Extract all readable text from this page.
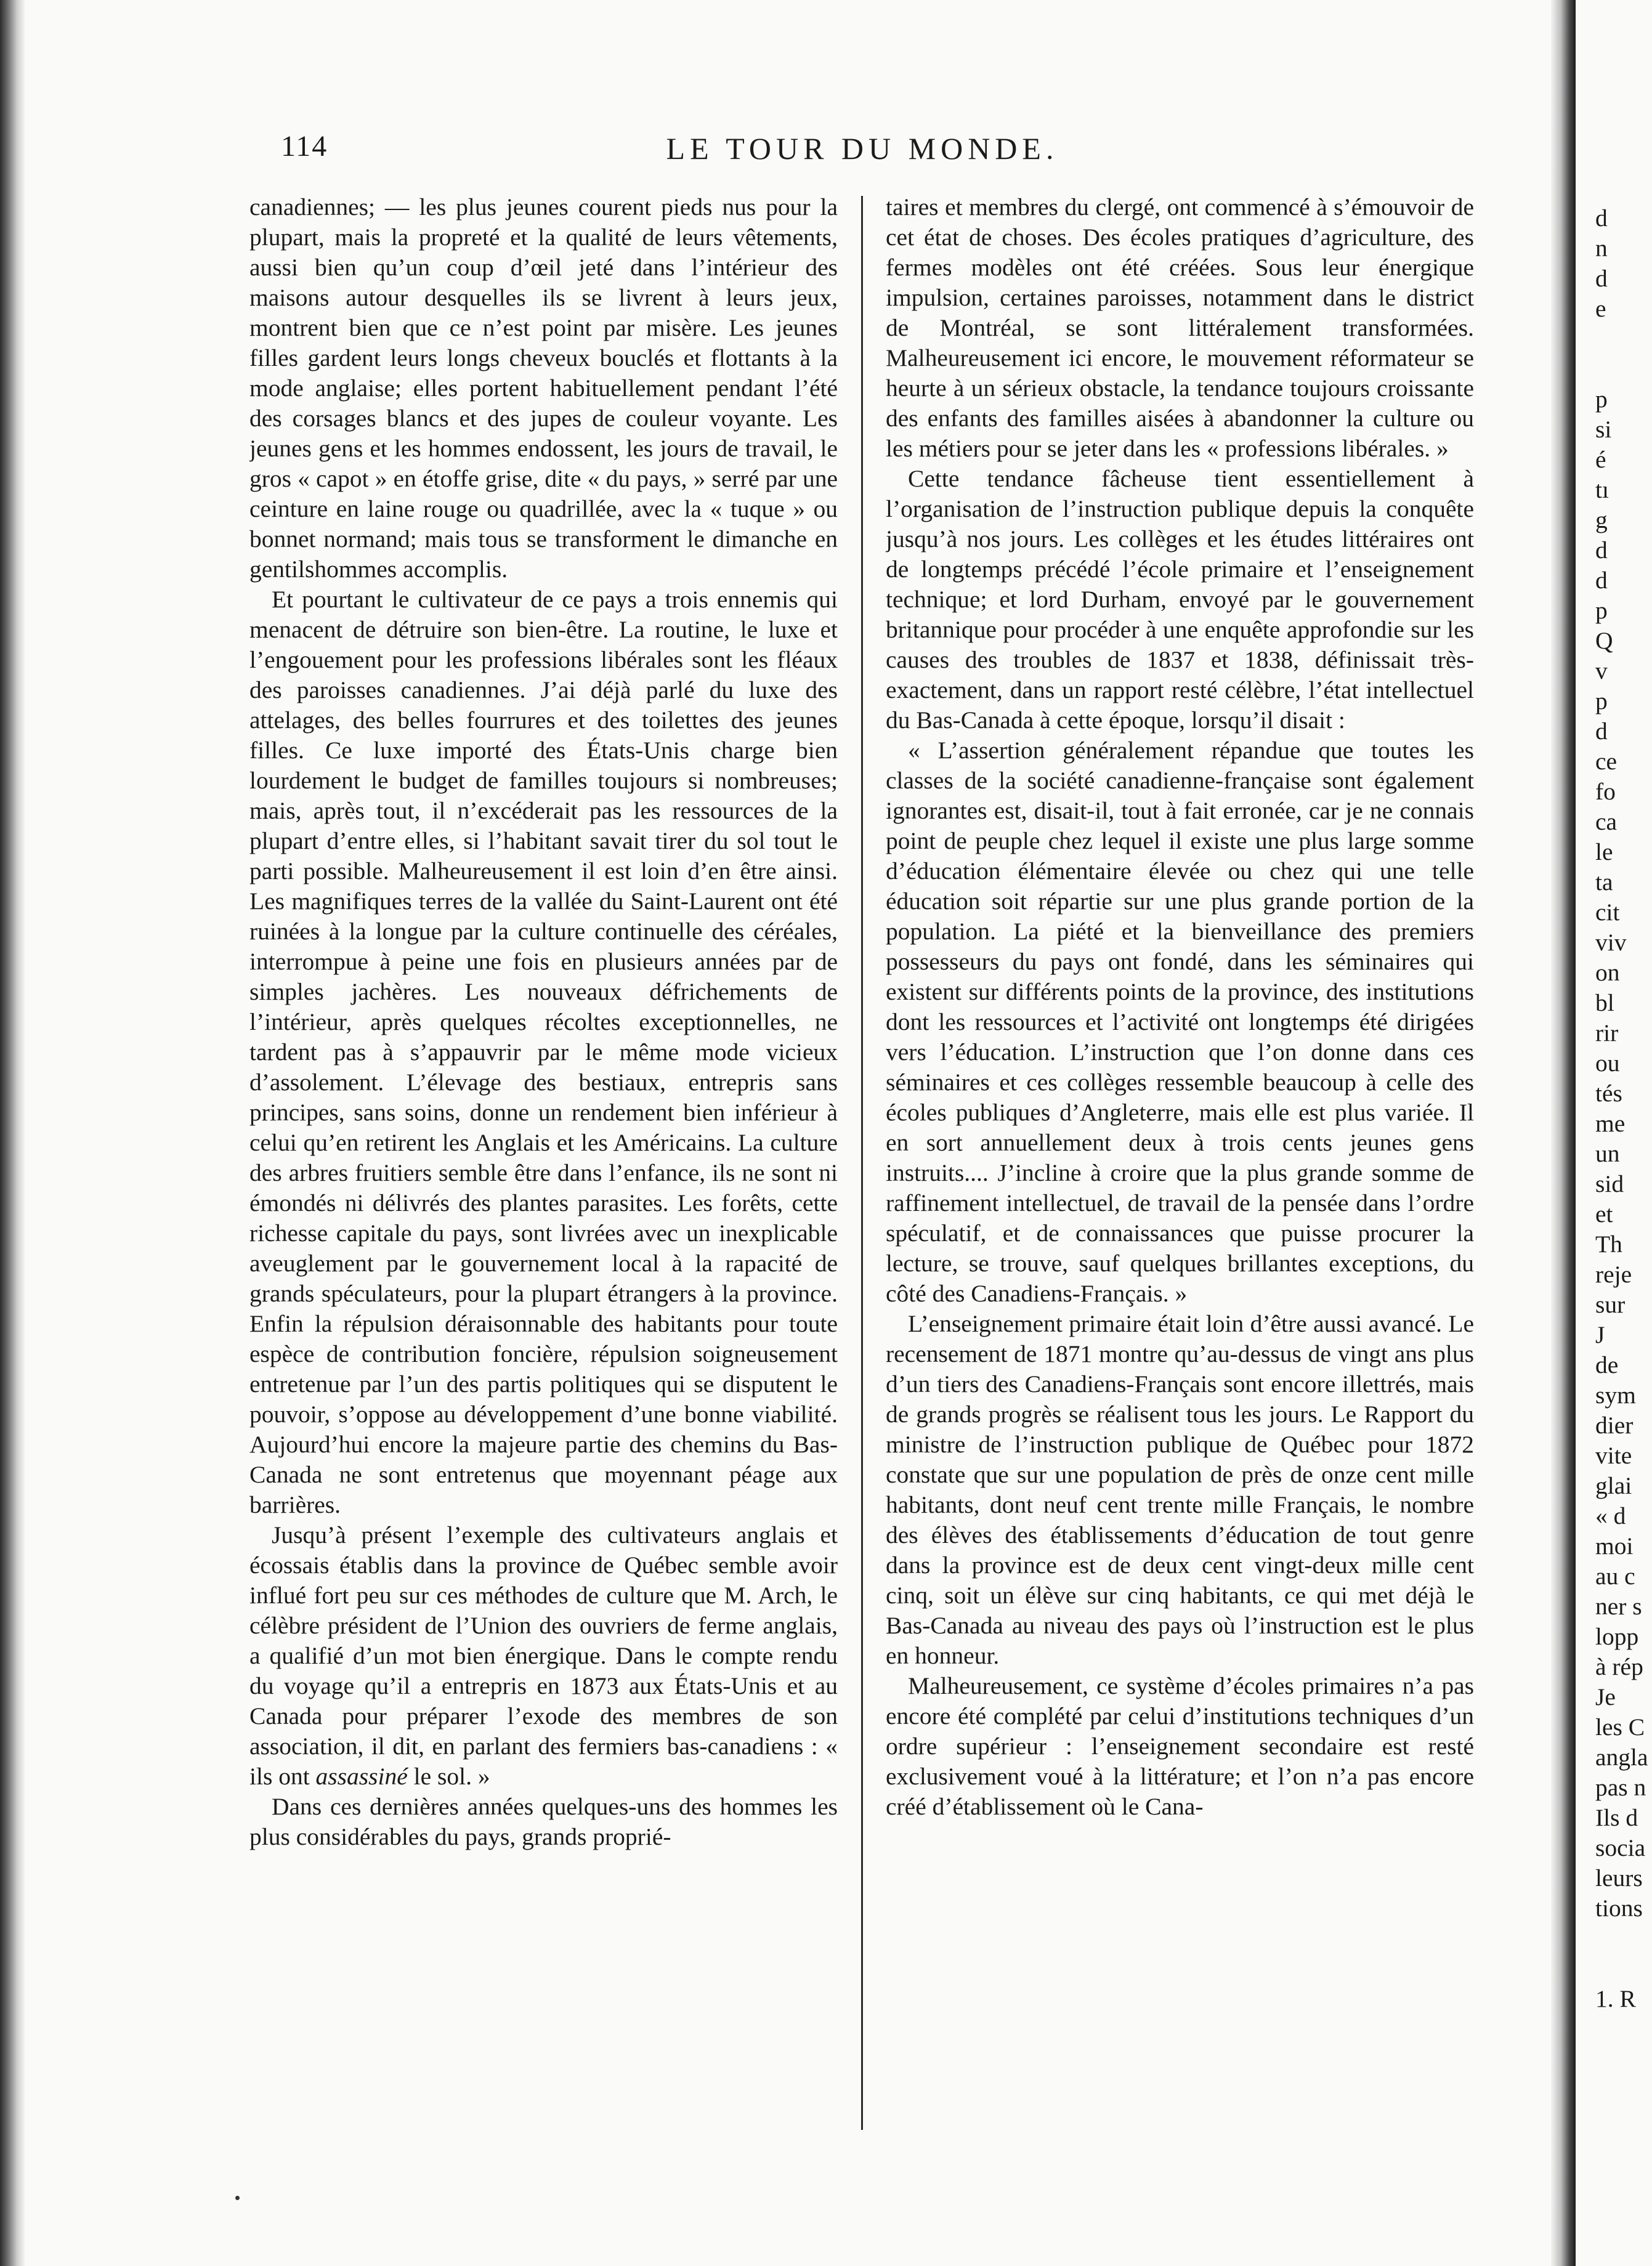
114	LE TOUR DU MONDE.

canadiennes; — les plus jeunes courent pieds nus pour la plupart, mais la propreté et la qualité de leurs vêtements, aussi bien qu’un coup d’œil jeté dans l’intérieur des maisons autour desquelles ils se livrent à leurs jeux, montrent bien que ce n’est point par misère. Les jeunes filles gardent leurs longs cheveux bouclés et flottants à la mode anglaise; elles portent habituellement pendant l’été des corsages blancs et des jupes de couleur voyante. Les jeunes gens et les hommes endossent, les jours de travail, le gros « capot » en étoffe grise, dite « du pays, » serré par une ceinture en laine rouge ou quadrillée, avec la « tuque » ou bonnet normand; mais tous se transforment le dimanche en gentilshommes accomplis.

Et pourtant le cultivateur de ce pays a trois ennemis qui menacent de détruire son bien-être. La routine, le luxe et l’engouement pour les professions libérales sont les fléaux des paroisses canadiennes. J’ai déjà parlé du luxe des attelages, des belles fourrures et des toilettes des jeunes filles. Ce luxe importé des États-Unis charge bien lourdement le budget de familles toujours si nombreuses; mais, après tout, il n’excéderait pas les ressources de la plupart d’entre elles, si l’habitant savait tirer du sol tout le parti possible. Malheureusement il est loin d’en être ainsi. Les magnifiques terres de la vallée du Saint-Laurent ont été ruinées à la longue par la culture continuelle des céréales, interrompue à peine une fois en plusieurs années par de simples jachères. Les nouveaux défrichements de l’intérieur, après quelques récoltes exceptionnelles, ne tardent pas à s’appauvrir par le même mode vicieux d’assolement. L’élevage des bestiaux, entrepris sans principes, sans soins, donne un rendement bien inférieur à celui qu’en retirent les Anglais et les Américains. La culture des arbres fruitiers semble être dans l’enfance, ils ne sont ni émondés ni délivrés des plantes parasites. Les forêts, cette richesse capitale du pays, sont livrées avec un inexplicable aveuglement par le gouvernement local à la rapacité de grands spéculateurs, pour la plupart étrangers à la province. Enfin la répulsion déraisonnable des habitants pour toute espèce de contribution foncière, répulsion soigneusement entretenue par l’un des partis politiques qui se disputent le pouvoir, s’oppose au développement d’une bonne viabilité. Aujourd’hui encore la majeure partie des chemins du Bas-Canada ne sont entretenus que moyennant péage aux barrières.

Jusqu’à présent l’exemple des cultivateurs anglais et écossais établis dans la province de Québec semble avoir influé fort peu sur ces méthodes de culture que M. Arch, le célèbre président de l’Union des ouvriers de ferme anglais, a qualifié d’un mot bien énergique. Dans le compte rendu du voyage qu’il a entrepris en 1873 aux États-Unis et au Canada pour préparer l’exode des membres de son association, il dit, en parlant des fermiers bas-canadiens : « ils ont assassiné le sol. »

Dans ces dernières années quelques-uns des hommes les plus considérables du pays, grands proprié-

taires et membres du clergé, ont commencé à s’émouvoir de cet état de choses. Des écoles pratiques d’agriculture, des fermes modèles ont été créées. Sous leur énergique impulsion, certaines paroisses, notamment dans le district de Montréal, se sont littéralement transformées. Malheureusement ici encore, le mouvement réformateur se heurte à un sérieux obstacle, la tendance toujours croissante des enfants des familles aisées à abandonner la culture ou les métiers pour se jeter dans les « professions libérales. »

Cette tendance fâcheuse tient essentiellement à l’organisation de l’instruction publique depuis la conquête jusqu’à nos jours. Les collèges et les études littéraires ont de longtemps précédé l’école primaire et l’enseignement technique; et lord Durham, envoyé par le gouvernement britannique pour procéder à une enquête approfondie sur les causes des troubles de 1837 et 1838, définissait très-exactement, dans un rapport resté célèbre, l’état intellectuel du Bas-Canada à cette époque, lorsqu’il disait :

« L’assertion généralement répandue que toutes les classes de la société canadienne-française sont également ignorantes est, disait-il, tout à fait erronée, car je ne connais point de peuple chez lequel il existe une plus large somme d’éducation élémentaire élevée ou chez qui une telle éducation soit répartie sur une plus grande portion de la population. La piété et la bienveillance des premiers possesseurs du pays ont fondé, dans les séminaires qui existent sur différents points de la province, des institutions dont les ressources et l’activité ont longtemps été dirigées vers l’éducation. L’instruction que l’on donne dans ces séminaires et ces collèges ressemble beaucoup à celle des écoles publiques d’Angleterre, mais elle est plus variée. Il en sort annuellement deux à trois cents jeunes gens instruits.... J’incline à croire que la plus grande somme de raffinement intellectuel, de travail de la pensée dans l’ordre spéculatif, et de connaissances que puisse procurer la lecture, se trouve, sauf quelques brillantes exceptions, du côté des Canadiens-Français. »

L’enseignement primaire était loin d’être aussi avancé. Le recensement de 1871 montre qu’au-dessus de vingt ans plus d’un tiers des Canadiens-Français sont encore illettrés, mais de grands progrès se réalisent tous les jours. Le Rapport du ministre de l’instruction publique de Québec pour 1872 constate que sur une population de près de onze cent mille habitants, dont neuf cent trente mille Français, le nombre des élèves des établissements d’éducation de tout genre dans la province est de deux cent vingt-deux mille cent cinq, soit un élève sur cinq habitants, ce qui met déjà le Bas-Canada au niveau des pays où l’instruction est le plus en honneur.

Malheureusement, ce système d’écoles primaires n’a pas encore été complété par celui d’institutions techniques d’un ordre supérieur : l’enseignement secondaire est resté exclusivement voué à la littérature; et l’on n’a pas encore créé d’établissement où le Cana-

d
n
d
e
p
si
é
tı
g
d
d
p
Q
v
p
d
ce
fo
ca
le
ta
cit
viv
on
bl
rir
ou
tés
me
un
sid
et
Th
reje
sur
J
de
sym
dier
vite
glai
« d
moi
au c
ner s
lopp
à rép
Je
les C
angla
pas n
Ils d
socia
leurs
tions
1. R
